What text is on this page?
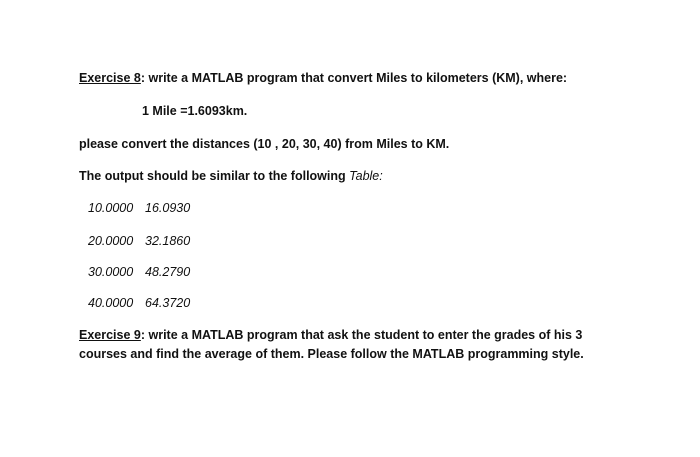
Exercise 8: write a MATLAB program that convert Miles to kilometers (KM), where:
1 Mile =1.6093km.
please convert the distances (10 , 20, 30, 40) from Miles to KM.
The output should be similar to the following Table:
10.0000 16.0930
20.0000 32.1860
30.0000 48.2790
40.0000 64.3720
Exercise 9: write a MATLAB program that ask the student to enter the grades of his 3
courses and find the average of them. Please follow the MATLAB programming style.
